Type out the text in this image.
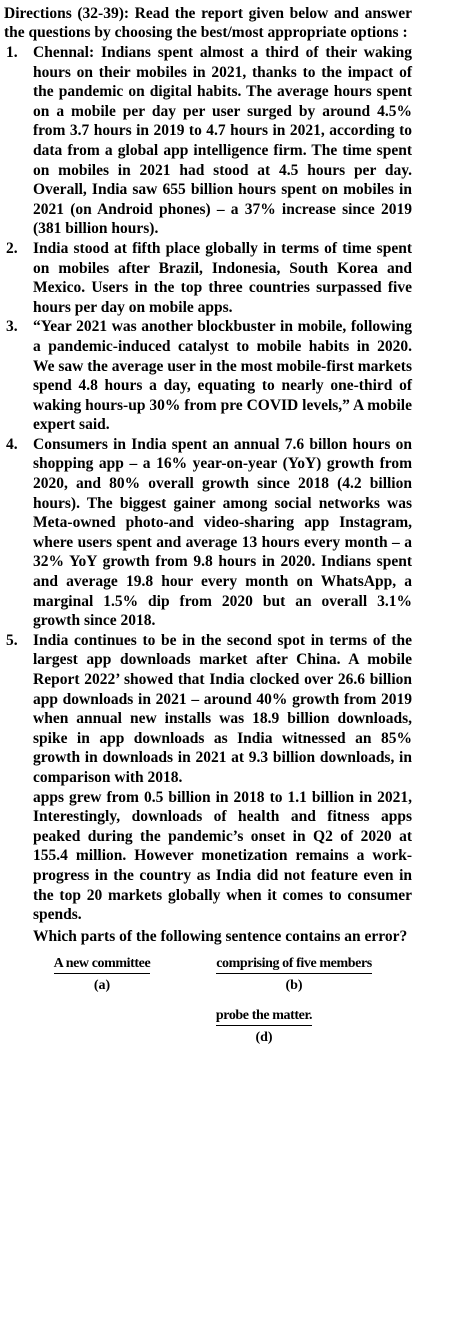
Directions (32-39): Read the report given below and answer the questions by choosing the best/most appropriate options :

1. Chennal: Indians spent almost a third of their waking hours on their mobiles in 2021, thanks to the impact of the pandemic on digital habits. The average hours spent on a mobile per day per user surged by around 4.5% from 3.7 hours in 2019 to 4.7 hours in 2021, according to data from a global app intelligence firm. The time spent on mobiles in 2021 had stood at 4.5 hours per day. Overall, India saw 655 billion hours spent on mobiles in 2021 (on Android phones) – a 37% increase since 2019 (381 billion hours).
2. India stood at fifth place globally in terms of time spent on mobiles after Brazil, Indonesia, South Korea and Mexico. Users in the top three countries surpassed five hours per day on mobile apps.
3. “Year 2021 was another blockbuster in mobile, following a pandemic-induced catalyst to mobile habits in 2020. We saw the average user in the most mobile-first markets spend 4.8 hours a day, equating to nearly one-third of waking hours-up 30% from pre COVID levels,” A mobile expert said.
4. Consumers in India spent an annual 7.6 billon hours on shopping app – a 16% year-on-year (YoY) growth from 2020, and 80% overall growth since 2018 (4.2 billion hours). The biggest gainer among social networks was Meta-owned photo-and video-sharing app Instagram, where users spent and average 13 hours every month – a 32% YoY growth from 9.8 hours in 2020. Indians spent and average 19.8 hour every month on WhatsApp, a marginal 1.5% dip from 2020 but an overall 3.1% growth since 2018.
5. India continues to be in the second spot in terms of the largest app downloads market after China. A mobile Report 2022’ showed that India clocked over 26.6 billion app downloads in 2021 – around 40% growth from 2019 when annual new installs was 18.9 billion downloads, spike in app downloads as India witnessed an 85% growth in downloads in 2021 at 9.3 billion downloads, in comparison with 2018.
apps grew from 0.5 billion in 2018 to 1.1 billion in 2021, Interestingly, downloads of health and fitness apps peaked during the pandemic’s onset in Q2 of 2020 at 155.4 million. However monetization remains a work-progress in the country as India did not feature even in the top 20 markets globally when it comes to consumer spends.
Which parts of the following sentence contains an error?
A new committee
(a)
comprising of five members
(b)
probe the matter.
(d)
